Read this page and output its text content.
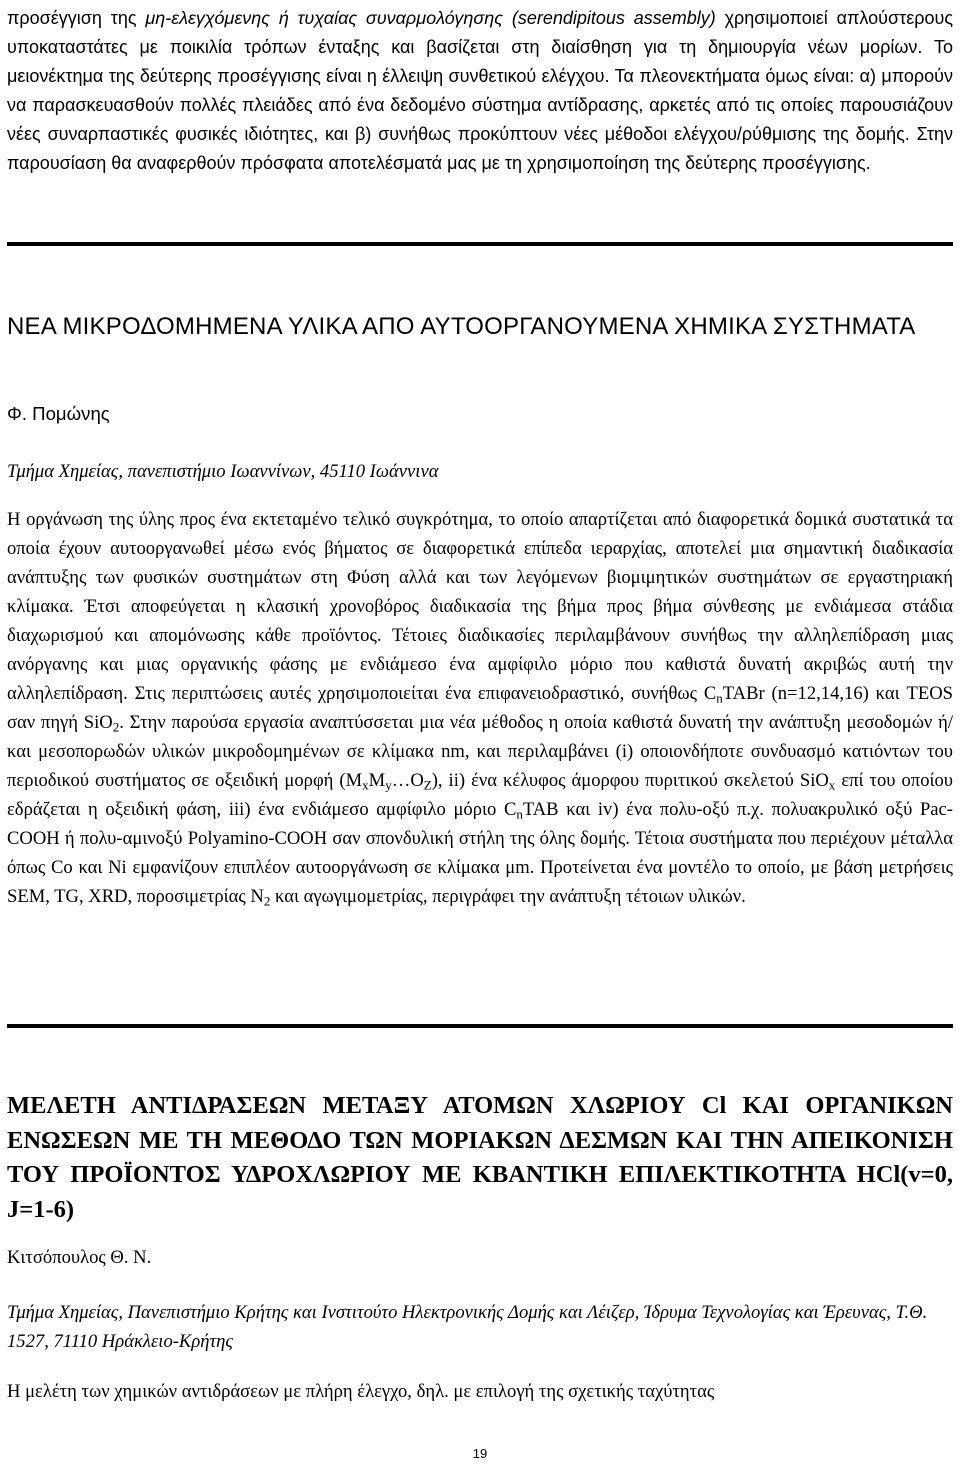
προσέγγιση της μη-ελεγχόμενης ή τυχαίας συναρμολόγησης (serendipitous assembly) χρησιμοποιεί απλούστερους υποκαταστάτες με ποικιλία τρόπων ένταξης και βασίζεται στη διαίσθηση για τη δημιουργία νέων μορίων. Το μειονέκτημα της δεύτερης προσέγγισης είναι η έλλειψη συνθετικού ελέγχου. Τα πλεονεκτήματα όμως είναι: α) μπορούν να παρασκευασθούν πολλές πλειάδες από ένα δεδομένο σύστημα αντίδρασης, αρκετές από τις οποίες παρουσιάζουν νέες συναρπαστικές φυσικές ιδιότητες, και β) συνήθως προκύπτουν νέες μέθοδοι ελέγχου/ρύθμισης της δομής. Στην παρουσίαση θα αναφερθούν πρόσφατα αποτελέσματά μας με τη χρησιμοποίηση της δεύτερης προσέγγισης.

ΝΕΑ ΜΙΚΡΟΔΟΜΗΜΕΝΑ ΥΛΙΚΑ ΑΠΟ ΑΥΤΟΟΡΓΑΝΟΥΜΕΝΑ ΧΗΜΙΚΑ ΣΥΣΤΗΜΑΤΑ

Φ. Πομώνης

Τμήμα Χημείας, πανεπιστήμιο Ιωαννίνων, 45110 Ιωάννινα

Η οργάνωση της ύλης προς ένα εκτεταμένο τελικό συγκρότημα, το οποίο απαρτίζεται από διαφορετικά δομικά συστατικά τα οποία έχουν αυτοοργανωθεί μέσω ενός βήματος σε διαφορετικά επίπεδα ιεραρχίας, αποτελεί μια σημαντική διαδικασία ανάπτυξης των φυσικών συστημάτων στη Φύση αλλά και των λεγόμενων βιομιμητικών συστημάτων σε εργαστηριακή κλίμακα. Έτσι αποφεύγεται η κλασική χρονοβόρος διαδικασία της βήμα προς βήμα σύνθεσης με ενδιάμεσα στάδια διαχωρισμού και απομόνωσης κάθε προϊόντος. Τέτοιες διαδικασίες περιλαμβάνουν συνήθως την αλληλεπίδραση μιας ανόργανης και μιας οργανικής φάσης με ενδιάμεσο ένα αμφίφιλο μόριο που καθιστά δυνατή ακριβώς αυτή την αλληλεπίδραση. Στις περιπτώσεις αυτές χρησιμοποιείται ένα επιφανειοδραστικό, συνήθως $C_nTABr$ (n=12,14,16) και TEOS σαν πηγή SiO$_2$. Στην παρούσα εργασία αναπτύσσεται μια νέα μέθοδος η οποία καθιστά δυνατή την ανάπτυξη μεσοδομών ή/και μεσοπορωδών υλικών μικροδομημένων σε κλίμακα nm, και περιλαμβάνει (i) οποιονδήποτε συνδυασμό κατιόντων του περιοδικού συστήματος σε οξειδική μορφή $(M_xM_y\dots O_Z)$, ii) ένα κέλυφος άμορφου πυριτικού σκελετού SiO$_x$ επί του οποίου εδράζεται η οξειδική φάση, iii) ένα ενδιάμεσο αμφίφιλο μόριο $C_nTAB$ και iv) ένα πολυ-οξύ π.χ. πολυακρυλικό οξύ Pac-COOH ή πολυ-αμινοξύ Polyamino-COOH σαν σπονδυλική στήλη της όλης δομής. Τέτοια συστήματα που περιέχουν μέταλλα όπως Co και Ni εμφανίζουν επιπλέον αυτοοργάνωση σε κλίμακα μm. Προτείνεται ένα μοντέλο το οποίο, με βάση μετρήσεις SEM, TG, XRD, ποροσιμετρίας $N_2$ και αγωγιμομετρίας, περιγράφει την ανάπτυξη τέτοιων υλικών.

ΜΕΛΕΤΗ ΑΝΤΙΔΡΑΣΕΩΝ ΜΕΤΑΞΥ ΑΤΟΜΩΝ ΧΛΩΡΙΟΥ Cl ΚΑΙ ΟΡΓΑΝΙΚΩΝ ΕΝΩΣΕΩΝ ΜΕ ΤΗ ΜΕΘΟΔΟ ΤΩΝ ΜΟΡΙΑΚΩΝ ΔΕΣΜΩΝ ΚΑΙ ΤΗΝ ΑΠΕΙΚΟΝΙΣΗ ΤΟΥ ΠΡΟΪΟΝΤΟΣ ΥΔΡΟΧΛΩΡΙΟΥ ΜΕ ΚΒΑΝΤΙΚΗ ΕΠΙΛΕΚΤΙΚΟΤΗΤΑ HCl(v=0, J=1-6)

Κιτσόπουλος Θ. Ν.

Τμήμα Χημείας, Πανεπιστήμιο Κρήτης και Ινστιτούτο Ηλεκτρονικής Δομής και Λέιζερ, Ίδρυμα Τεχνολογίας και Έρευνας, Τ.Θ. 1527, 71110 Ηράκλειο-Κρήτης

Η μελέτη των χημικών αντιδράσεων με πλήρη έλεγχο, δηλ. με επιλογή της σχετικής ταχύτητας

19
